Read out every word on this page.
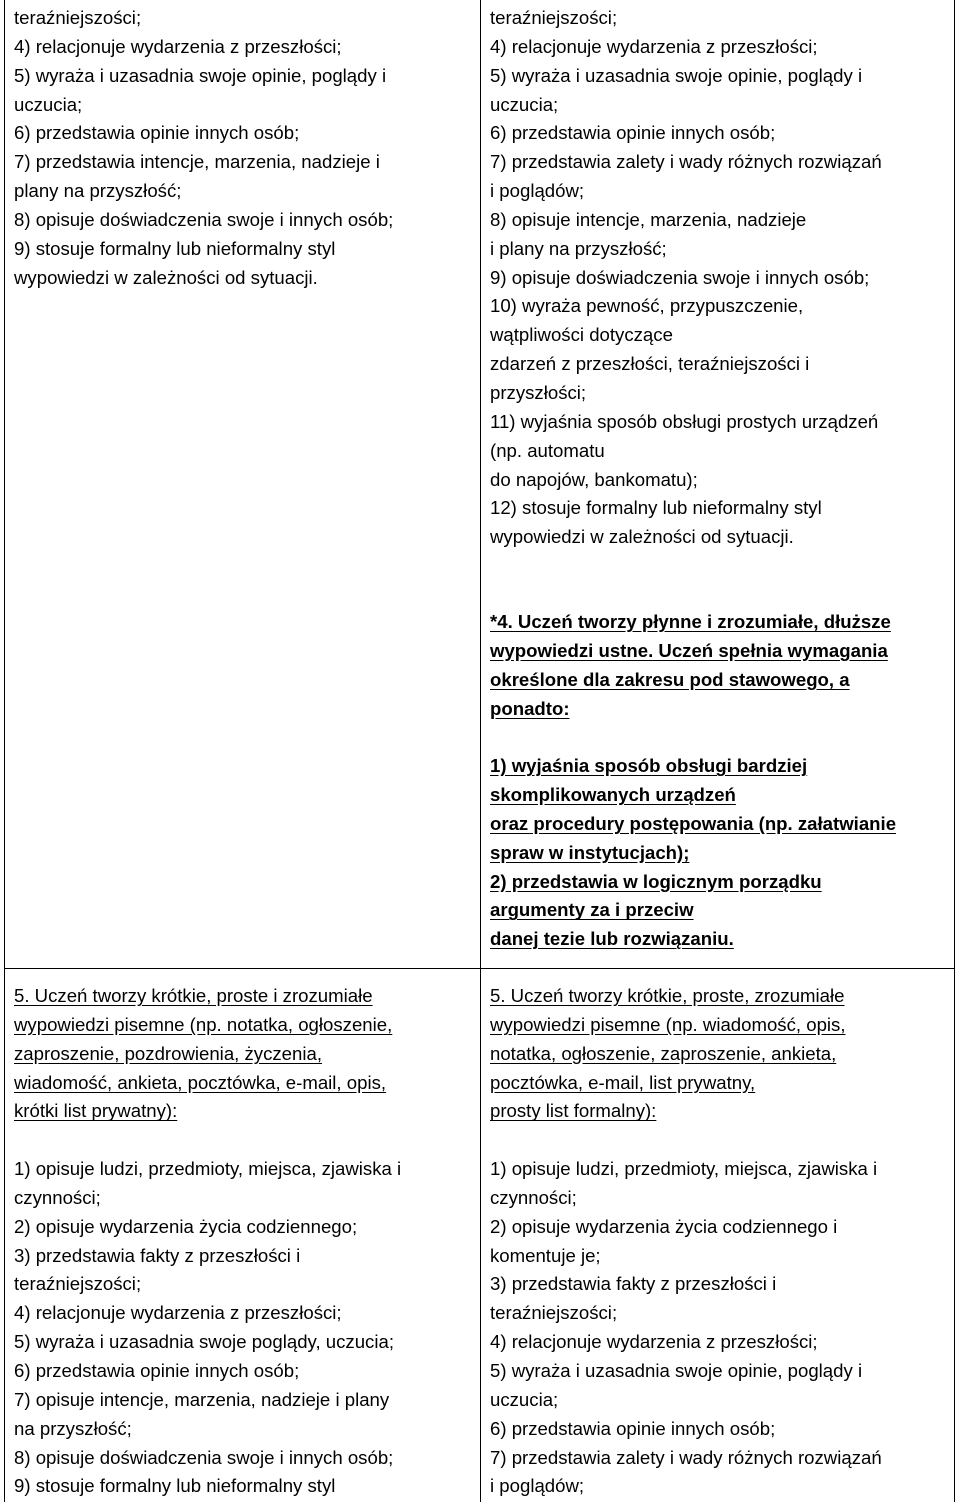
teraźniejszości;
4) relacjonuje wydarzenia z przeszłości;
5) wyraża i uzasadnia swoje opinie, poglądy i
uczucia;
6) przedstawia opinie innych osób;
7) przedstawia intencje, marzenia, nadzieje i
plany na przyszłość;
8) opisuje doświadczenia swoje i innych osób;
9) stosuje formalny lub nieformalny styl
wypowiedzi w zależności od sytuacji.
teraźniejszości;
4) relacjonuje wydarzenia z przeszłości;
5) wyraża i uzasadnia swoje opinie, poglądy i
uczucia;
6) przedstawia opinie innych osób;
7) przedstawia zalety i wady różnych rozwiązań
i poglądów;
8) opisuje intencje, marzenia, nadzieje
i plany na przyszłość;
9) opisuje doświadczenia swoje i innych osób;
10) wyraża pewność, przypuszczenie,
wątpliwości dotyczące
zdarzeń z przeszłości, teraźniejszości i
przyszłości;
11) wyjaśnia sposób obsługi prostych urządzeń
(np. automatu
do napojów, bankomatu);
12) stosuje formalny lub nieformalny styl
wypowiedzi w zależności od sytuacji.
*4. Uczeń tworzy płynne i zrozumiałe, dłuższe
wypowiedzi ustne. Uczeń spełnia wymagania
określone dla zakresu pod stawowego, a
ponadto:
1) wyjaśnia sposób obsługi bardziej
skomplikowanych urządzeń
oraz procedury postępowania (np. załatwianie
spraw w instytucjach);
2) przedstawia w logicznym porządku
argumenty za i przeciw
danej tezie lub rozwiązaniu.
5. Uczeń tworzy krótkie, proste i zrozumiałe
wypowiedzi pisemne (np. notatka, ogłoszenie,
zaproszenie, pozdrowienia, życzenia,
wiadomość, ankieta, pocztówka, e-mail, opis,
krótki list prywatny):
1) opisuje ludzi, przedmioty, miejsca, zjawiska i
czynności;
2) opisuje wydarzenia życia codziennego;
3) przedstawia fakty z przeszłości i
teraźniejszości;
4) relacjonuje wydarzenia z przeszłości;
5) wyraża i uzasadnia swoje poglądy, uczucia;
6) przedstawia opinie innych osób;
7) opisuje intencje, marzenia, nadzieje i plany
na przyszłość;
8) opisuje doświadczenia swoje i innych osób;
9) stosuje formalny lub nieformalny styl
5. Uczeń tworzy krótkie, proste, zrozumiałe
wypowiedzi pisemne (np. wiadomość, opis,
notatka, ogłoszenie, zaproszenie, ankieta,
pocztówka, e-mail, list prywatny,
prosty list formalny):
1) opisuje ludzi, przedmioty, miejsca, zjawiska i
czynności;
2) opisuje wydarzenia życia codziennego i
komentuje je;
3) przedstawia fakty z przeszłości i
teraźniejszości;
4) relacjonuje wydarzenia z przeszłości;
5) wyraża i uzasadnia swoje opinie, poglądy i
uczucia;
6) przedstawia opinie innych osób;
7) przedstawia zalety i wady różnych rozwiązań
i poglądów;
